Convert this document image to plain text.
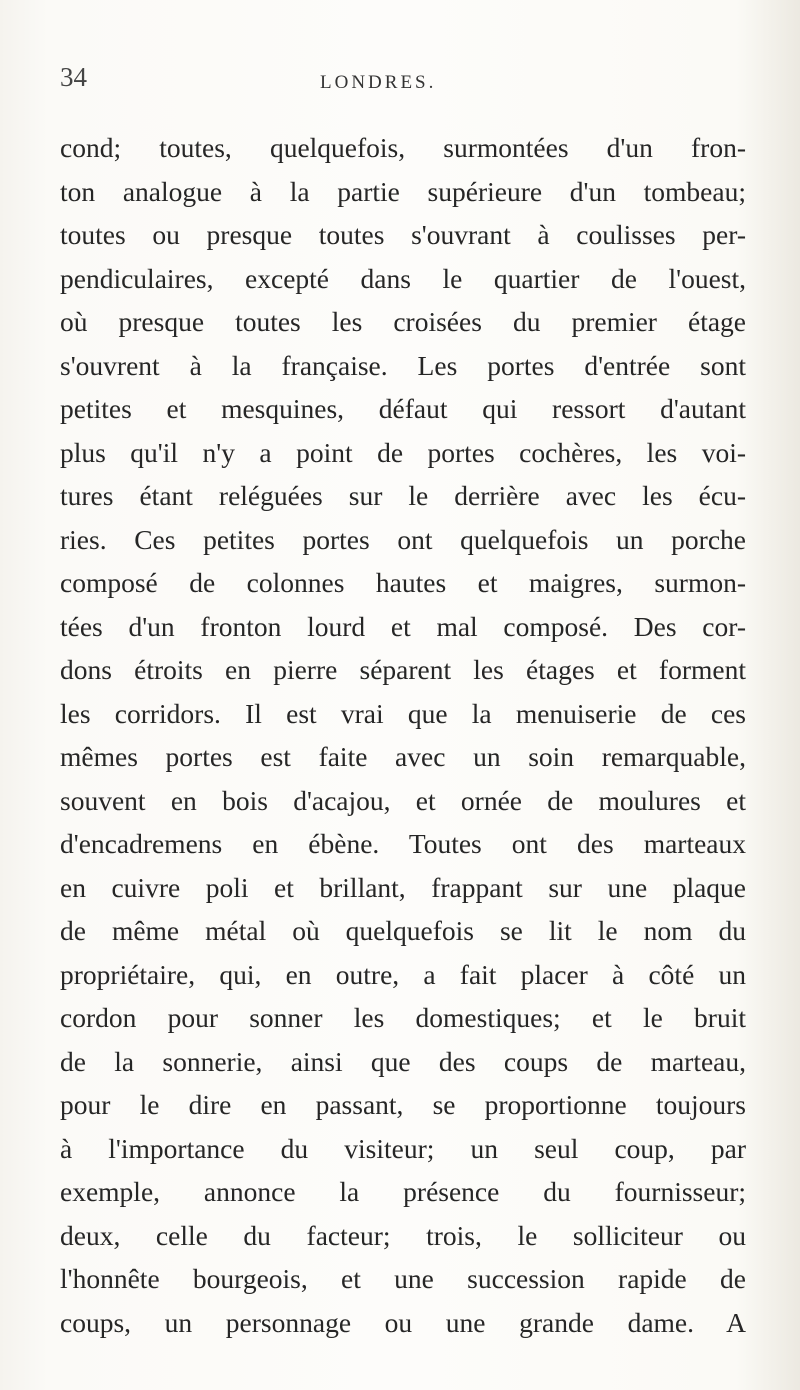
34	LONDRES.
cond; toutes, quelquefois, surmontées d'un fron-
ton analogue à la partie supérieure d'un tombeau;
toutes ou presque toutes s'ouvrant à coulisses per-
pendiculaires, excepté dans le quartier de l'ouest,
où presque toutes les croisées du premier étage
s'ouvrent à la française. Les portes d'entrée sont
petites et mesquines, défaut qui ressort d'autant
plus qu'il n'y a point de portes cochères, les voi-
tures étant reléguées sur le derrière avec les écu-
ries. Ces petites portes ont quelquefois un porche
composé de colonnes hautes et maigres, surmon-
tées d'un fronton lourd et mal composé. Des cor-
dons étroits en pierre séparent les étages et forment
les corridors. Il est vrai que la menuiserie de ces
mêmes portes est faite avec un soin remarquable,
souvent en bois d'acajou, et ornée de moulures et
d'encadremens en ébène. Toutes ont des marteaux
en cuivre poli et brillant, frappant sur une plaque
de même métal où quelquefois se lit le nom du
propriétaire, qui, en outre, a fait placer à côté un
cordon pour sonner les domestiques; et le bruit
de la sonnerie, ainsi que des coups de marteau,
pour le dire en passant, se proportionne toujours
à l'importance du visiteur; un seul coup, par
exemple, annonce la présence du fournisseur;
deux, celle du facteur; trois, le solliciteur ou
l'honnête bourgeois, et une succession rapide de
coups, un personnage ou une grande dame. A
